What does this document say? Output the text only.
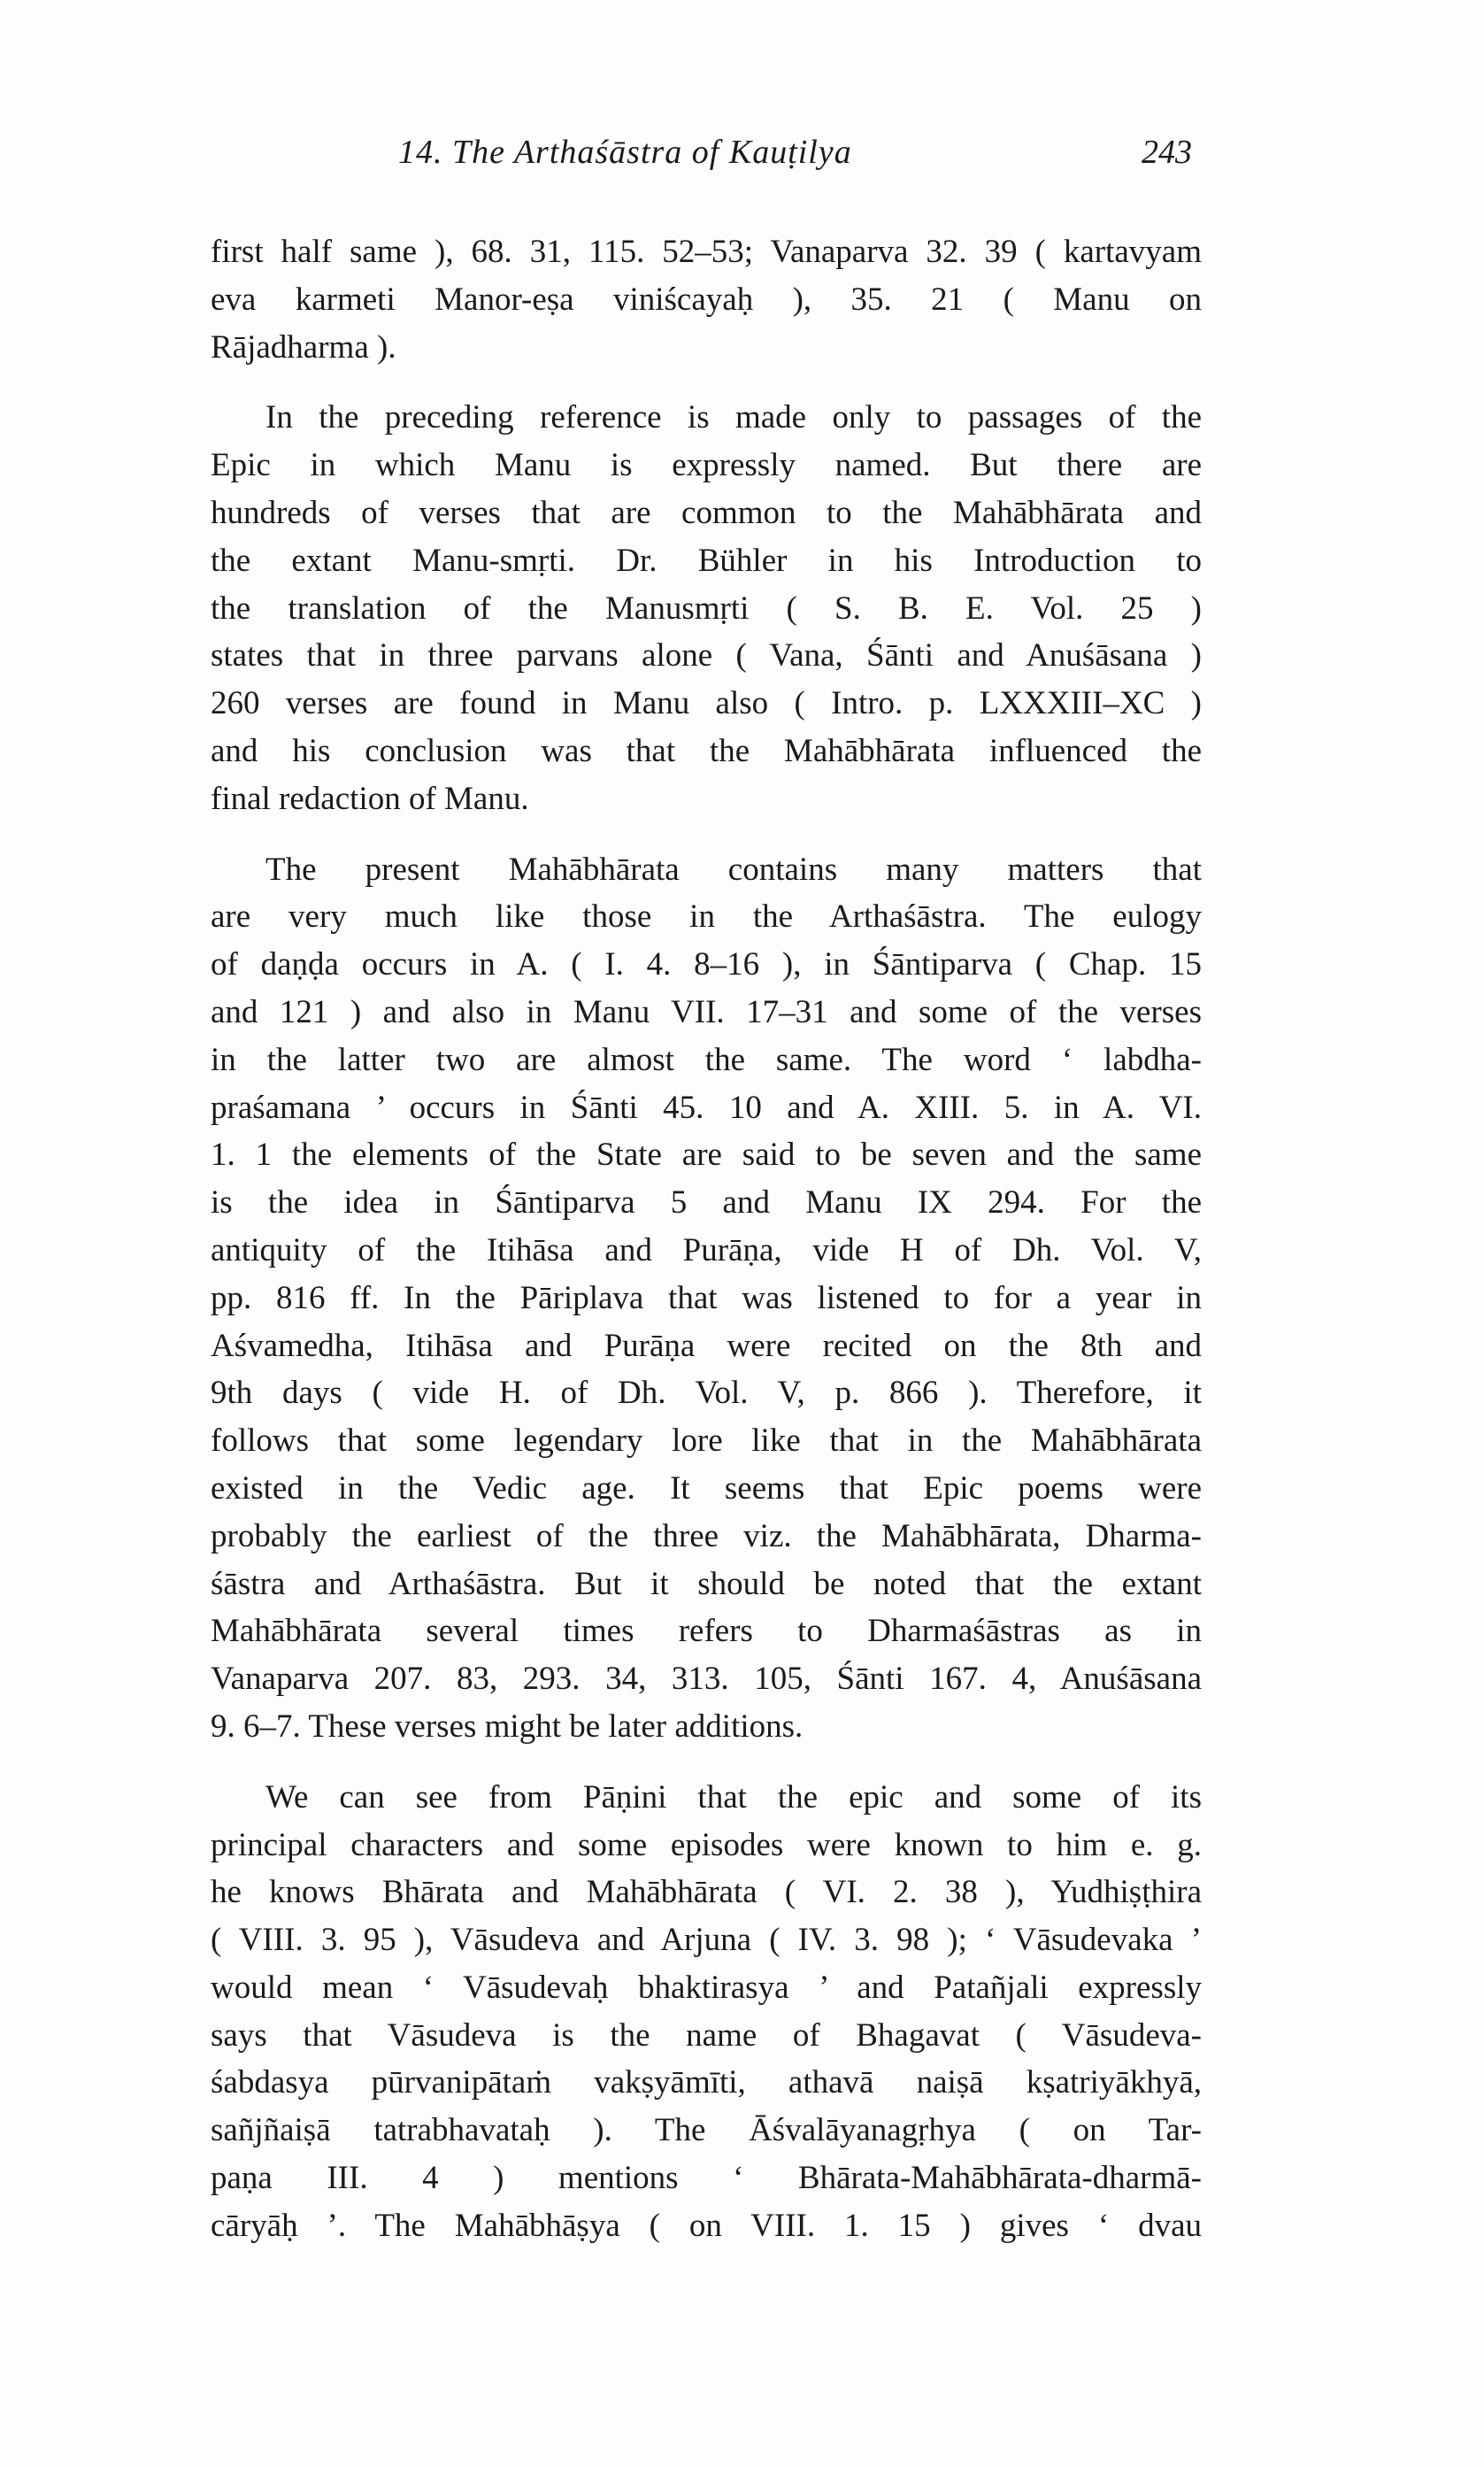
14. The Arthaśāstra of Kauṭilya	243
first half same ), 68. 31, 115. 52–53; Vanaparva 32. 39 ( kartavyam
eva karmeti Manor-eṣa viniścayaḥ ), 35. 21 ( Manu on
Rājadharma ).
In the preceding reference is made only to passages of the
Epic in which Manu is expressly named. But there are
hundreds of verses that are common to the Mahābhārata and
the extant Manu-smṛti. Dr. Bühler in his Introduction to
the translation of the Manusmṛti ( S. B. E. Vol. 25 )
states that in three parvans alone ( Vana, Śānti and Anuśāsana )
260 verses are found in Manu also ( Intro. p. LXXXIII–XC )
and his conclusion was that the Mahābhārata influenced the
final redaction of Manu.
The present Mahābhārata contains many matters that
are very much like those in the Arthaśāstra. The eulogy
of daṇḍa occurs in A. ( I. 4. 8–16 ), in Śāntiparva ( Chap. 15
and 121 ) and also in Manu VII. 17–31 and some of the verses
in the latter two are almost the same. The word ‘ labdha-
praśamana ’ occurs in Śānti 45. 10 and A. XIII. 5. in A. VI.
1. 1 the elements of the State are said to be seven and the same
is the idea in Śāntiparva 5 and Manu IX 294. For the
antiquity of the Itihāsa and Purāṇa, vide H of Dh. Vol. V,
pp. 816 ff. In the Pāriplava that was listened to for a year in
Aśvamedha, Itihāsa and Purāṇa were recited on the 8th and
9th days ( vide H. of Dh. Vol. V, p. 866 ). Therefore, it
follows that some legendary lore like that in the Mahābhārata
existed in the Vedic age. It seems that Epic poems were
probably the earliest of the three viz. the Mahābhārata, Dharma-
śāstra and Arthaśāstra. But it should be noted that the extant
Mahābhārata several times refers to Dharmaśāstras as in
Vanaparva 207. 83, 293. 34, 313. 105, Śānti 167. 4, Anuśāsana
9. 6–7. These verses might be later additions.
We can see from Pāṇini that the epic and some of its
principal characters and some episodes were known to him e. g.
he knows Bhārata and Mahābhārata ( VI. 2. 38 ), Yudhiṣṭhira
( VIII. 3. 95 ), Vāsudeva and Arjuna ( IV. 3. 98 ); ‘ Vāsudevaka ’
would mean ‘ Vāsudevaḥ bhaktirasya ’ and Patañjali expressly
says that Vāsudeva is the name of Bhagavat ( Vāsudeva-
śabdasya pūrvanipātaṁ vakṣyāmīti, athavā naiṣā kṣatriyākhyā,
sañjñaiṣā tatrabhavataḥ ). The Āśvalāyanagṛhya ( on Tar-
paṇa III. 4 ) mentions ‘ Bhārata-Mahābhārata-dharmā-
cāryāḥ ’. The Mahābhāṣya ( on VIII. 1. 15 ) gives ‘ dvau
